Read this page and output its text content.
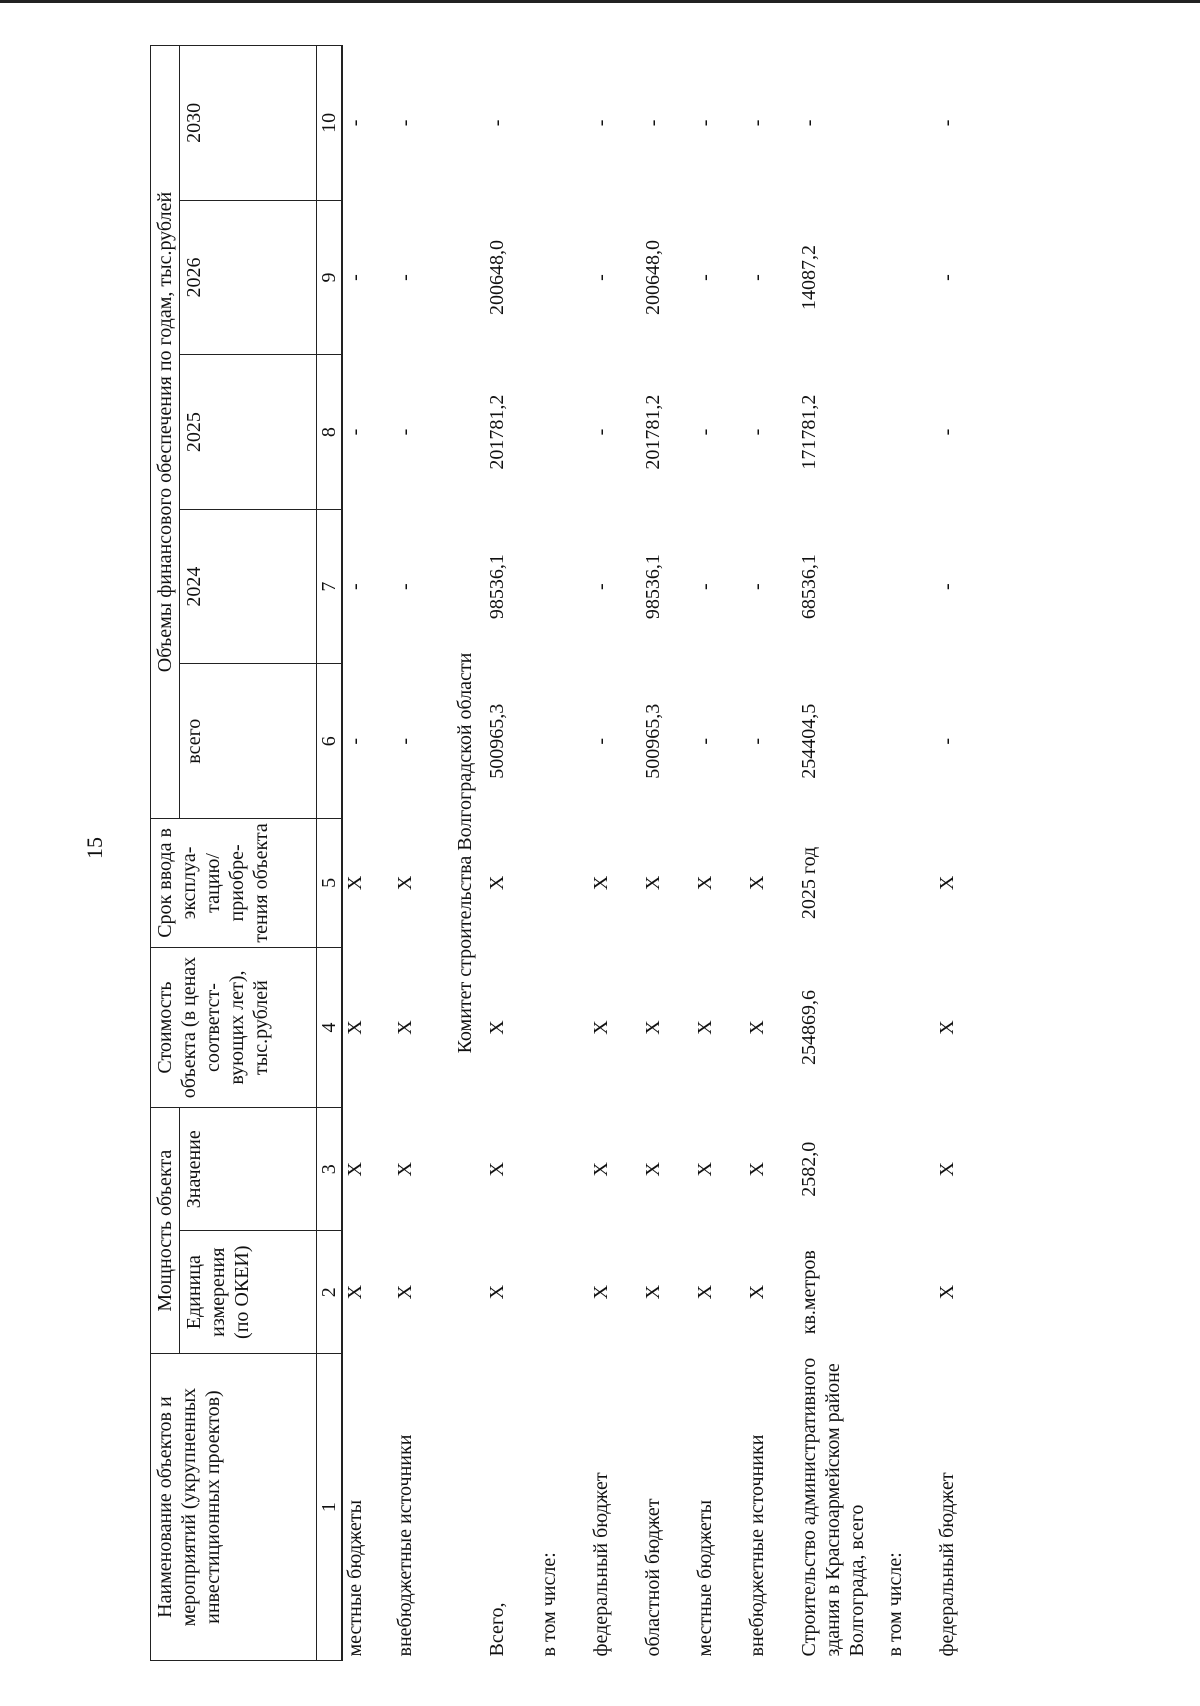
15
Наименование объектов и мероприятий (укрупненных инвестиционных проектов)	Мощность объекта		Стоимость объекта (в ценах соответст-вующих лет), тыс.рублей	Срок ввода в эксплуа-тацию/ приобре-тения объекта	Объемы финансового обеспечения по годам, тыс.рублей				
	Единица измерения (по ОКЕИ)	Значение			всего	2024	2025	2026	2030
1	2	3	4	5	6	7	8	9	10
местные бюджеты	X	X	X	X	-	-	-	-	-
внебюджетные источники	X	X	X	X	-	-	-	-	-
Комитет строительства Волгоградской области									
Всего,	X	X	X	X	500965,3	98536,1	201781,2	200648,0	-
в том числе:									
федеральный бюджет	X	X	X	X	-	-	-	-	-
областной бюджет	X	X	X	X	500965,3	98536,1	201781,2	200648,0	-
местные бюджеты	X	X	X	X	-	-	-	-	-
внебюджетные источники	X	X	X	X	-	-	-	-	-
Строительство административного здания в Красноармейском районе Волгограда, всего	кв.метров	2582,0	254869,6	2025 год	254404,5	68536,1	171781,2	14087,2	-
в том числе:									
федеральный бюджет	X	X	X	X	-	-	-	-	-
